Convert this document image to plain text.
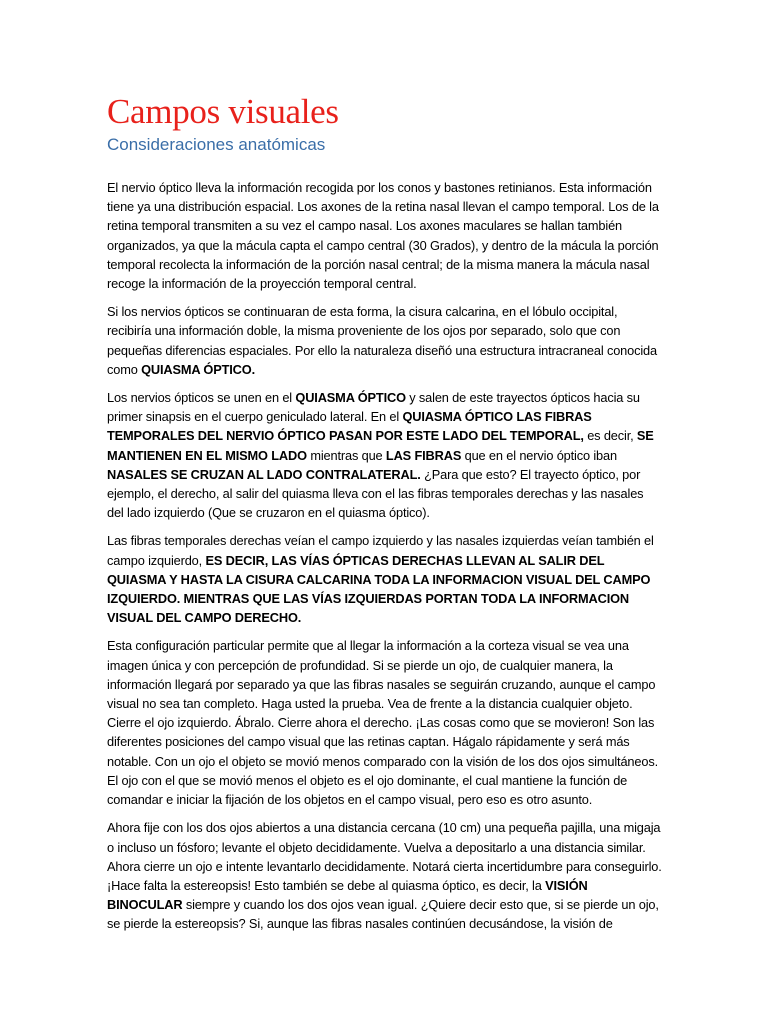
Campos visuales
Consideraciones anatómicas

El nervio óptico lleva la información recogida por los conos y bastones retinianos. Esta información tiene ya una distribución espacial. Los axones de la retina nasal llevan el campo temporal. Los de la retina temporal transmiten a su vez el campo nasal. Los axones maculares se hallan también organizados, ya que la mácula capta el campo central (30 Grados), y dentro de la mácula la porción temporal recolecta la información de la porción nasal central; de la misma manera la mácula nasal recoge la información de la proyección temporal central.

Si los nervios ópticos se continuaran de esta forma, la cisura calcarina, en el lóbulo occipital, recibiría una información doble, la misma proveniente de los ojos por separado, solo que con pequeñas diferencias espaciales. Por ello la naturaleza diseñó una estructura intracraneal conocida como QUIASMA ÓPTICO.

Los nervios ópticos se unen en el QUIASMA ÓPTICO y salen de este trayectos ópticos hacia su primer sinapsis en el cuerpo geniculado lateral. En el QUIASMA ÓPTICO LAS FIBRAS TEMPORALES DEL NERVIO ÓPTICO PASAN POR ESTE LADO DEL TEMPORAL, es decir, SE MANTIENEN EN EL MISMO LADO mientras que LAS FIBRAS que en el nervio óptico iban NASALES SE CRUZAN AL LADO CONTRALATERAL. ¿Para que esto? El trayecto óptico, por ejemplo, el derecho, al salir del quiasma lleva con el las fibras temporales derechas y las nasales del lado izquierdo (Que se cruzaron en el quiasma óptico).

Las fibras temporales derechas veían el campo izquierdo y las nasales izquierdas veían también el campo izquierdo, ES DECIR, LAS VÍAS ÓPTICAS DERECHAS LLEVAN AL SALIR DEL QUIASMA Y HASTA LA CISURA CALCARINA TODA LA INFORMACION VISUAL DEL CAMPO IZQUIERDO. MIENTRAS QUE LAS VÍAS IZQUIERDAS PORTAN TODA LA INFORMACION VISUAL DEL CAMPO DERECHO.

Esta configuración particular permite que al llegar la información a la corteza visual se vea una imagen única y con percepción de profundidad. Si se pierde un ojo, de cualquier manera, la información llegará por separado ya que las fibras nasales se seguirán cruzando, aunque el campo visual no sea tan completo. Haga usted la prueba. Vea de frente a la distancia cualquier objeto. Cierre el ojo izquierdo. Ábralo. Cierre ahora el derecho. ¡Las cosas como que se movieron! Son las diferentes posiciones del campo visual que las retinas captan. Hágalo rápidamente y será más notable. Con un ojo el objeto se movió menos comparado con la visión de los dos ojos simultáneos. El ojo con el que se movió menos el objeto es el ojo dominante, el cual mantiene la función de comandar e iniciar la fijación de los objetos en el campo visual, pero eso es otro asunto.

Ahora fije con los dos ojos abiertos a una distancia cercana (10 cm) una pequeña pajilla, una migaja o incluso un fósforo; levante el objeto decididamente. Vuelva a depositarlo a una distancia similar. Ahora cierre un ojo e intente levantarlo decididamente. Notará cierta incertidumbre para conseguirlo. ¡Hace falta la estereopsis! Esto también se debe al quiasma óptico, es decir, la VISIÓN BINOCULAR siempre y cuando los dos ojos vean igual. ¿Quiere decir esto que, si se pierde un ojo, se pierde la estereopsis? Si, aunque las fibras nasales continúen decusándose, la visión de
